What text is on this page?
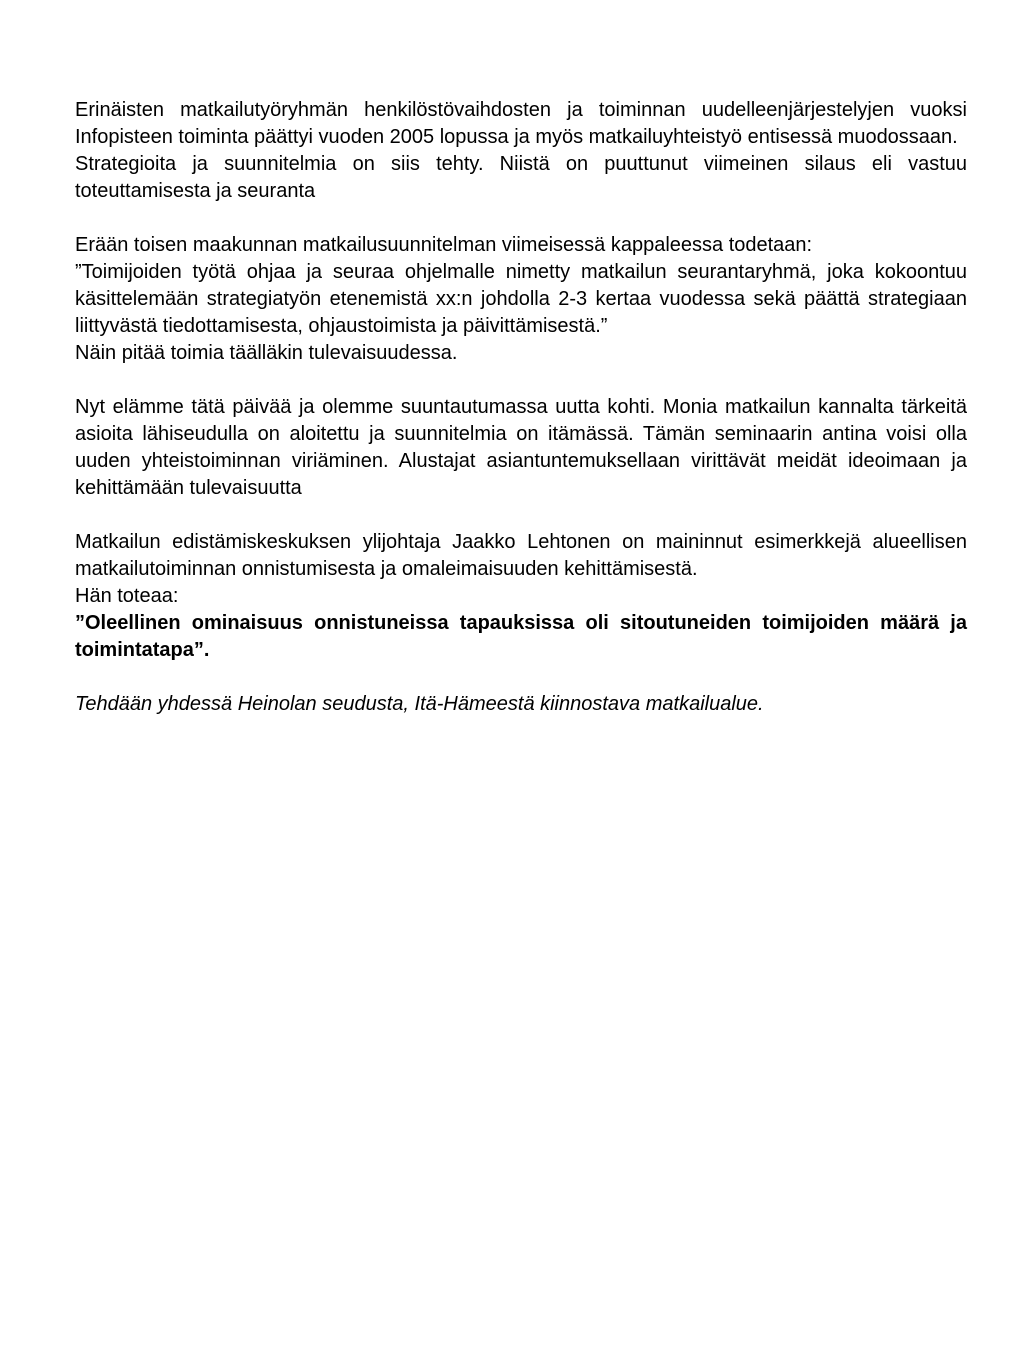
Erinäisten matkailutyöryhmän henkilöstövaihdosten ja toiminnan uudelleenjärjestelyjen vuoksi Infopisteen toiminta päättyi vuoden 2005 lopussa ja myös matkailuyhteistyö entisessä muodossaan.

Strategioita ja suunnitelmia on siis tehty. Niistä on puuttunut viimeinen silaus eli vastuu toteuttamisesta ja seuranta

Erään toisen maakunnan matkailusuunnitelman viimeisessä kappaleessa todetaan:

”Toimijoiden työtä ohjaa ja seuraa ohjelmalle nimetty matkailun seurantaryhmä, joka kokoontuu käsittelemään strategiatyön etenemistä xx:n johdolla 2-3 kertaa vuodessa sekä päättä strategiaan liittyvästä tiedottamisesta, ohjaustoimista ja päivittämisestä.”

Näin pitää toimia täälläkin tulevaisuudessa.

Nyt elämme tätä päivää ja olemme suuntautumassa uutta kohti. Monia matkailun kannalta tärkeitä asioita lähiseudulla on aloitettu ja suunnitelmia on itämässä. Tämän seminaarin antina voisi olla uuden yhteistoiminnan viriäminen. Alustajat asiantuntemuksellaan virittävät meidät ideoimaan ja kehittämään tulevaisuutta

Matkailun edistämiskeskuksen ylijohtaja Jaakko Lehtonen on maininnut esimerkkejä alueellisen matkailutoiminnan onnistumisesta ja omaleimaisuuden kehittämisestä.

Hän toteaa:

”Oleellinen ominaisuus onnistuneissa tapauksissa oli sitoutuneiden toimijoiden määrä ja toimintatapa”.

Tehdään yhdessä Heinolan seudusta, Itä-Hämeestä kiinnostava matkailualue.
